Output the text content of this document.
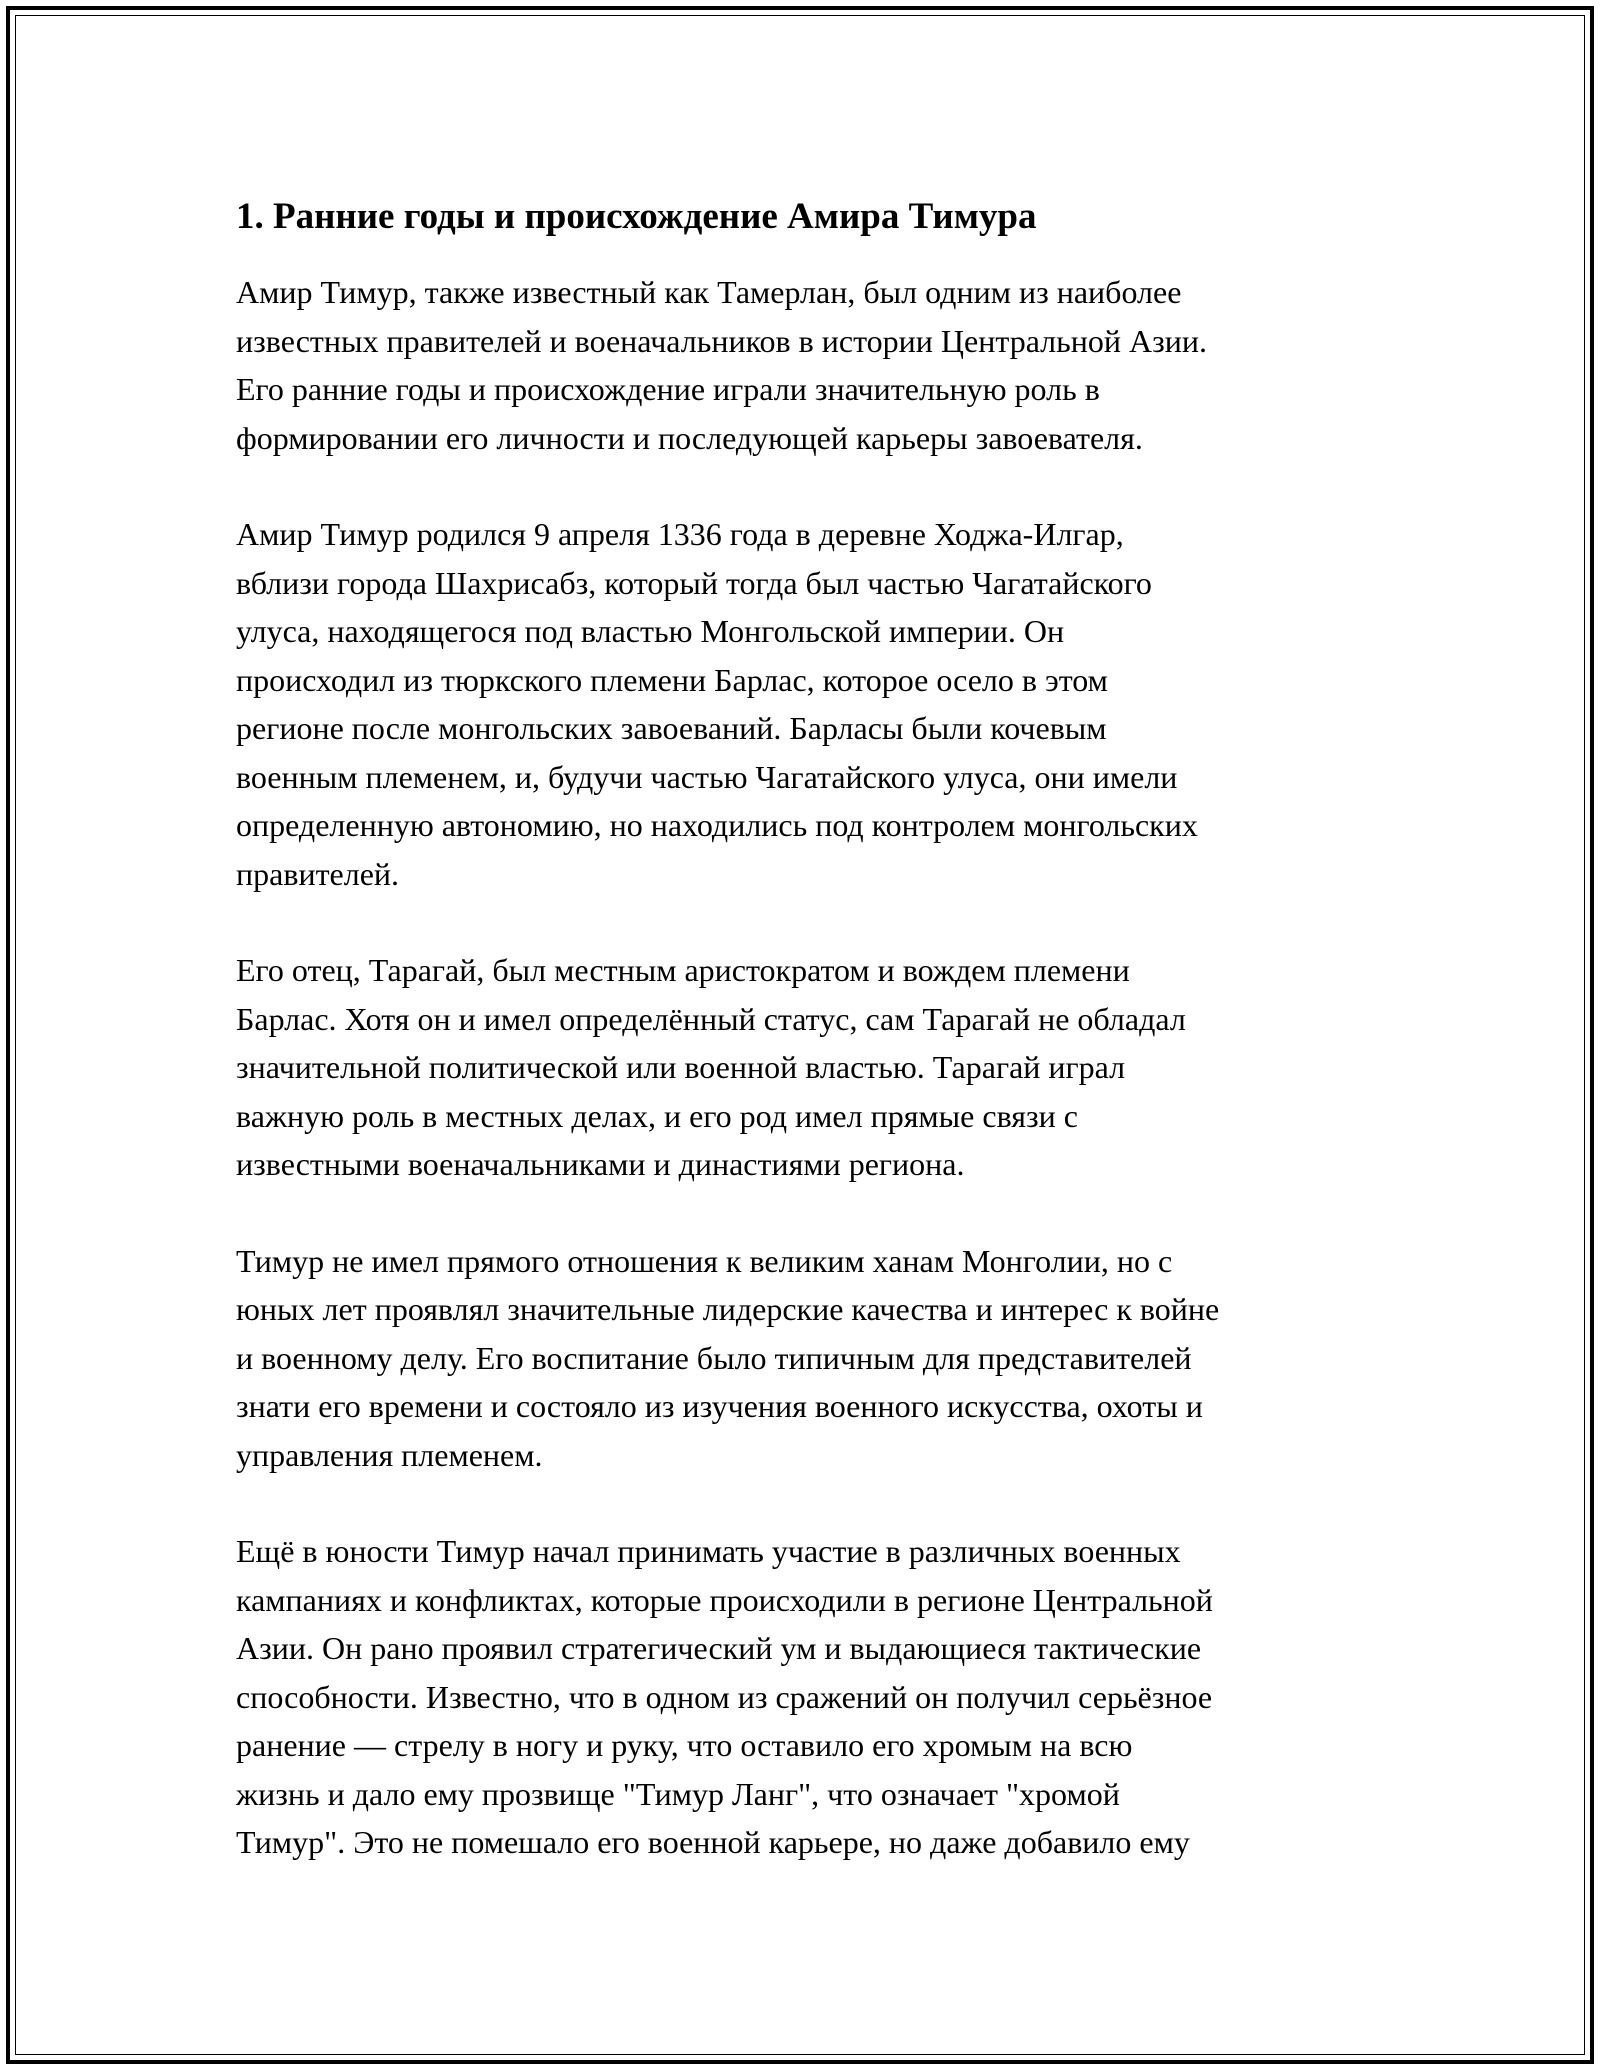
1. Ранние годы и происхождение Амира Тимура

Амир Тимур, также известный как Тамерлан, был одним из наиболее
известных правителей и военачальников в истории Центральной Азии.
Его ранние годы и происхождение играли значительную роль в
формировании его личности и последующей карьеры завоевателя.

Амир Тимур родился 9 апреля 1336 года в деревне Ходжа-Илгар,
вблизи города Шахрисабз, который тогда был частью Чагатайского
улуса, находящегося под властью Монгольской империи. Он
происходил из тюркского племени Барлас, которое осело в этом
регионе после монгольских завоеваний. Барласы были кочевым
военным племенем, и, будучи частью Чагатайского улуса, они имели
определенную автономию, но находились под контролем монгольских
правителей.

Его отец, Тарагай, был местным аристократом и вождем племени
Барлас. Хотя он и имел определённый статус, сам Тарагай не обладал
значительной политической или военной властью. Тарагай играл
важную роль в местных делах, и его род имел прямые связи с
известными военачальниками и династиями региона.

Тимур не имел прямого отношения к великим ханам Монголии, но с
юных лет проявлял значительные лидерские качества и интерес к войне
и военному делу. Его воспитание было типичным для представителей
знати его времени и состояло из изучения военного искусства, охоты и
управления племенем.

Ещё в юности Тимур начал принимать участие в различных военных
кампаниях и конфликтах, которые происходили в регионе Центральной
Азии. Он рано проявил стратегический ум и выдающиеся тактические
способности. Известно, что в одном из сражений он получил серьёзное
ранение — стрелу в ногу и руку, что оставило его хромым на всю
жизнь и дало ему прозвище "Тимур Ланг", что означает "хромой
Тимур". Это не помешало его военной карьере, но даже добавило ему
